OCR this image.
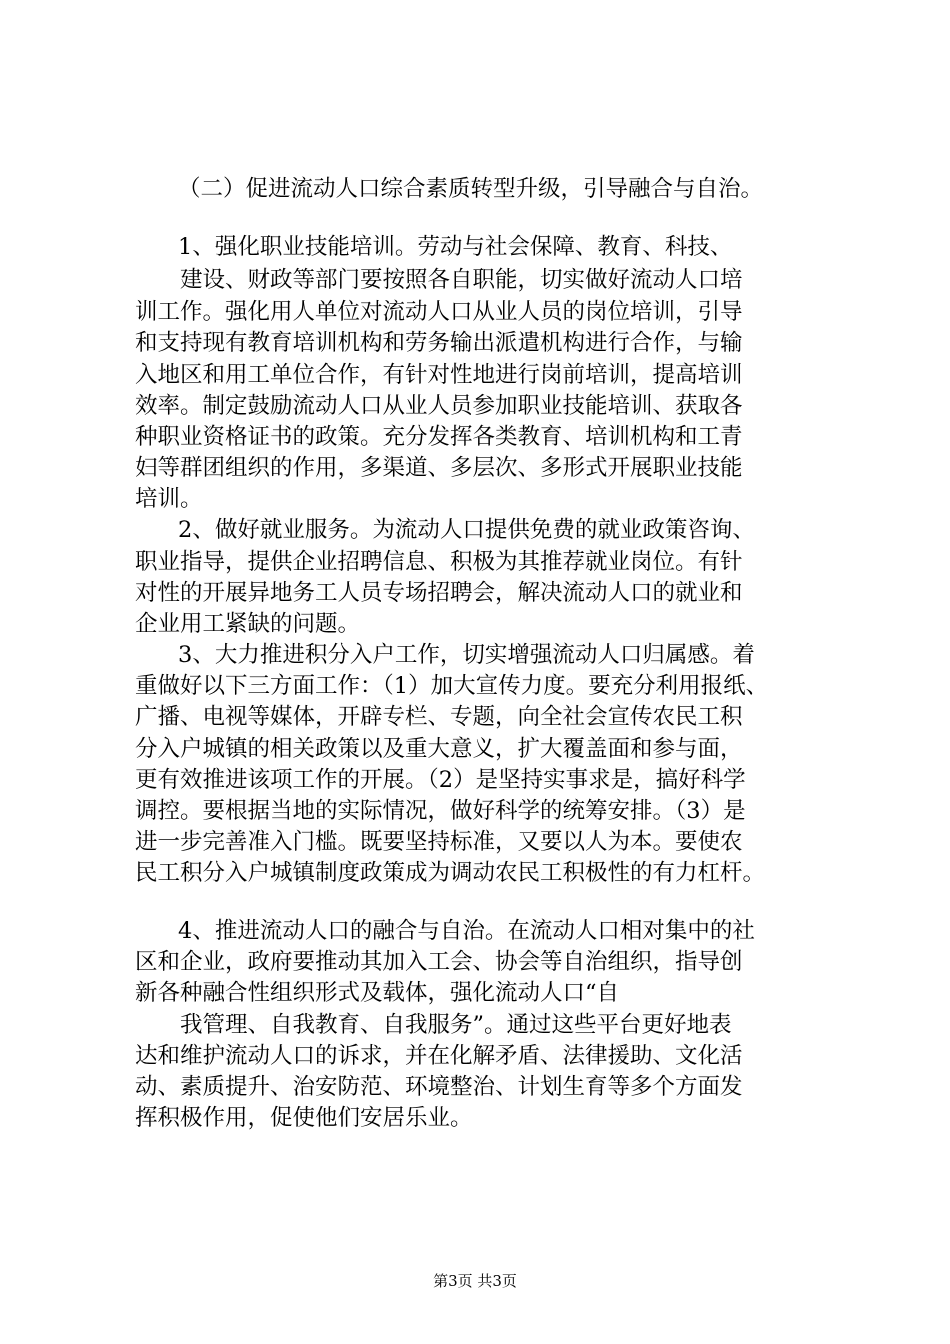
（二）促进流动人口综合素质转型升级，引导融合与自治。

1、强化职业技能培训。劳动与社会保障、教育、科技、

建设、财政等部门要按照各自职能，切实做好流动人口培

训工作。强化用人单位对流动人口从业人员的岗位培训，引导

和支持现有教育培训机构和劳务输出派遣机构进行合作，与输

入地区和用工单位合作，有针对性地进行岗前培训，提高培训

效率。制定鼓励流动人口从业人员参加职业技能培训、获取各

种职业资格证书的政策。充分发挥各类教育、培训机构和工青

妇等群团组织的作用，多渠道、多层次、多形式开展职业技能

培训。

2、做好就业服务。为流动人口提供免费的就业政策咨询、

职业指导，提供企业招聘信息、积极为其推荐就业岗位。有针

对性的开展异地务工人员专场招聘会，解决流动人口的就业和

企业用工紧缺的问题。

3、大力推进积分入户工作，切实增强流动人口归属感。着

重做好以下三方面工作：（1）加大宣传力度。要充分利用报纸、

广播、电视等媒体，开辟专栏、专题，向全社会宣传农民工积

分入户城镇的相关政策以及重大意义，扩大覆盖面和参与面，

更有效推进该项工作的开展。（2）是坚持实事求是，搞好科学

调控。要根据当地的实际情况，做好科学的统筹安排。（3）是

进一步完善准入门槛。既要坚持标准，又要以人为本。要使农

民工积分入户城镇制度政策成为调动农民工积极性的有力杠杆。

4、推进流动人口的融合与自治。在流动人口相对集中的社

区和企业，政府要推动其加入工会、协会等自治组织，指导创

新各种融合性组织形式及载体，强化流动人口“自

我管理、自我教育、自我服务”。通过这些平台更好地表

达和维护流动人口的诉求，并在化解矛盾、法律援助、文化活

动、素质提升、治安防范、环境整治、计划生育等多个方面发

挥积极作用，促使他们安居乐业。

第3页 共3页
